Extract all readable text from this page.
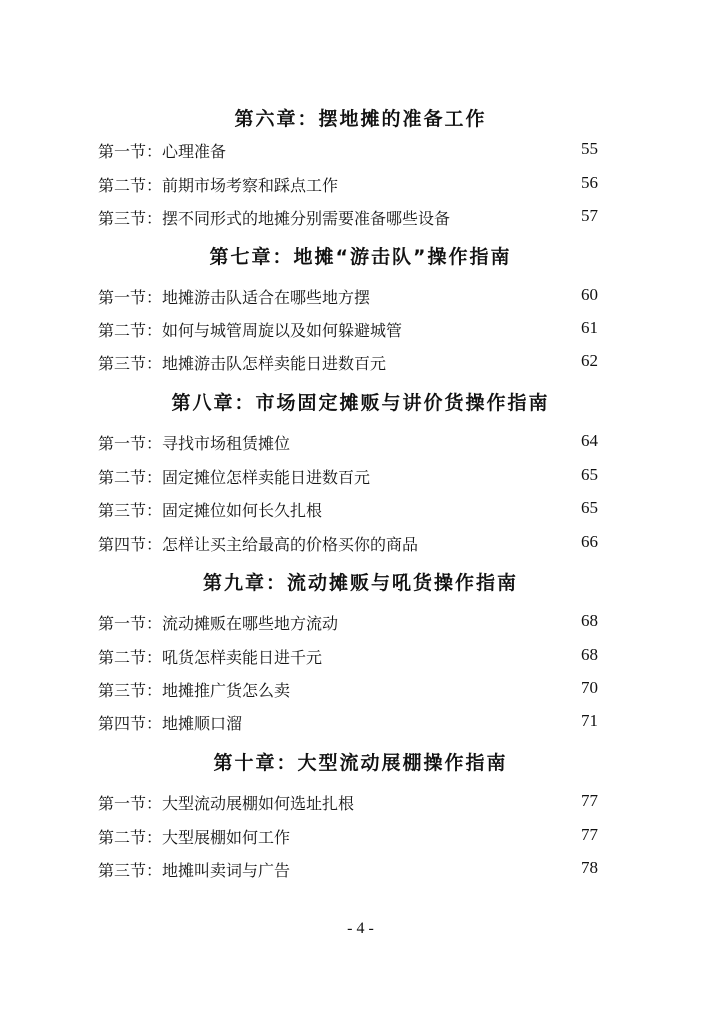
第六章：摆地摊的准备工作
第一节：心理准备	55
第二节：前期市场考察和踩点工作	56
第三节：摆不同形式的地摊分别需要准备哪些设备	57
第七章：地摊“游击队”操作指南
第一节：地摊游击队适合在哪些地方摆	60
第二节：如何与城管周旋以及如何躲避城管	61
第三节：地摊游击队怎样卖能日进数百元	62
第八章：市场固定摊贩与讲价货操作指南
第一节：寻找市场租赁摊位	64
第二节：固定摊位怎样卖能日进数百元	65
第三节：固定摊位如何长久扎根	65
第四节：怎样让买主给最高的价格买你的商品	66
第九章：流动摊贩与吼货操作指南
第一节：流动摊贩在哪些地方流动	68
第二节：吼货怎样卖能日进千元	68
第三节：地摊推广货怎么卖	70
第四节：地摊顺口溜	71
第十章：大型流动展棚操作指南
第一节：大型流动展棚如何选址扎根	77
第二节：大型展棚如何工作	77
第三节：地摊叫卖词与广告	78
- 4 -
